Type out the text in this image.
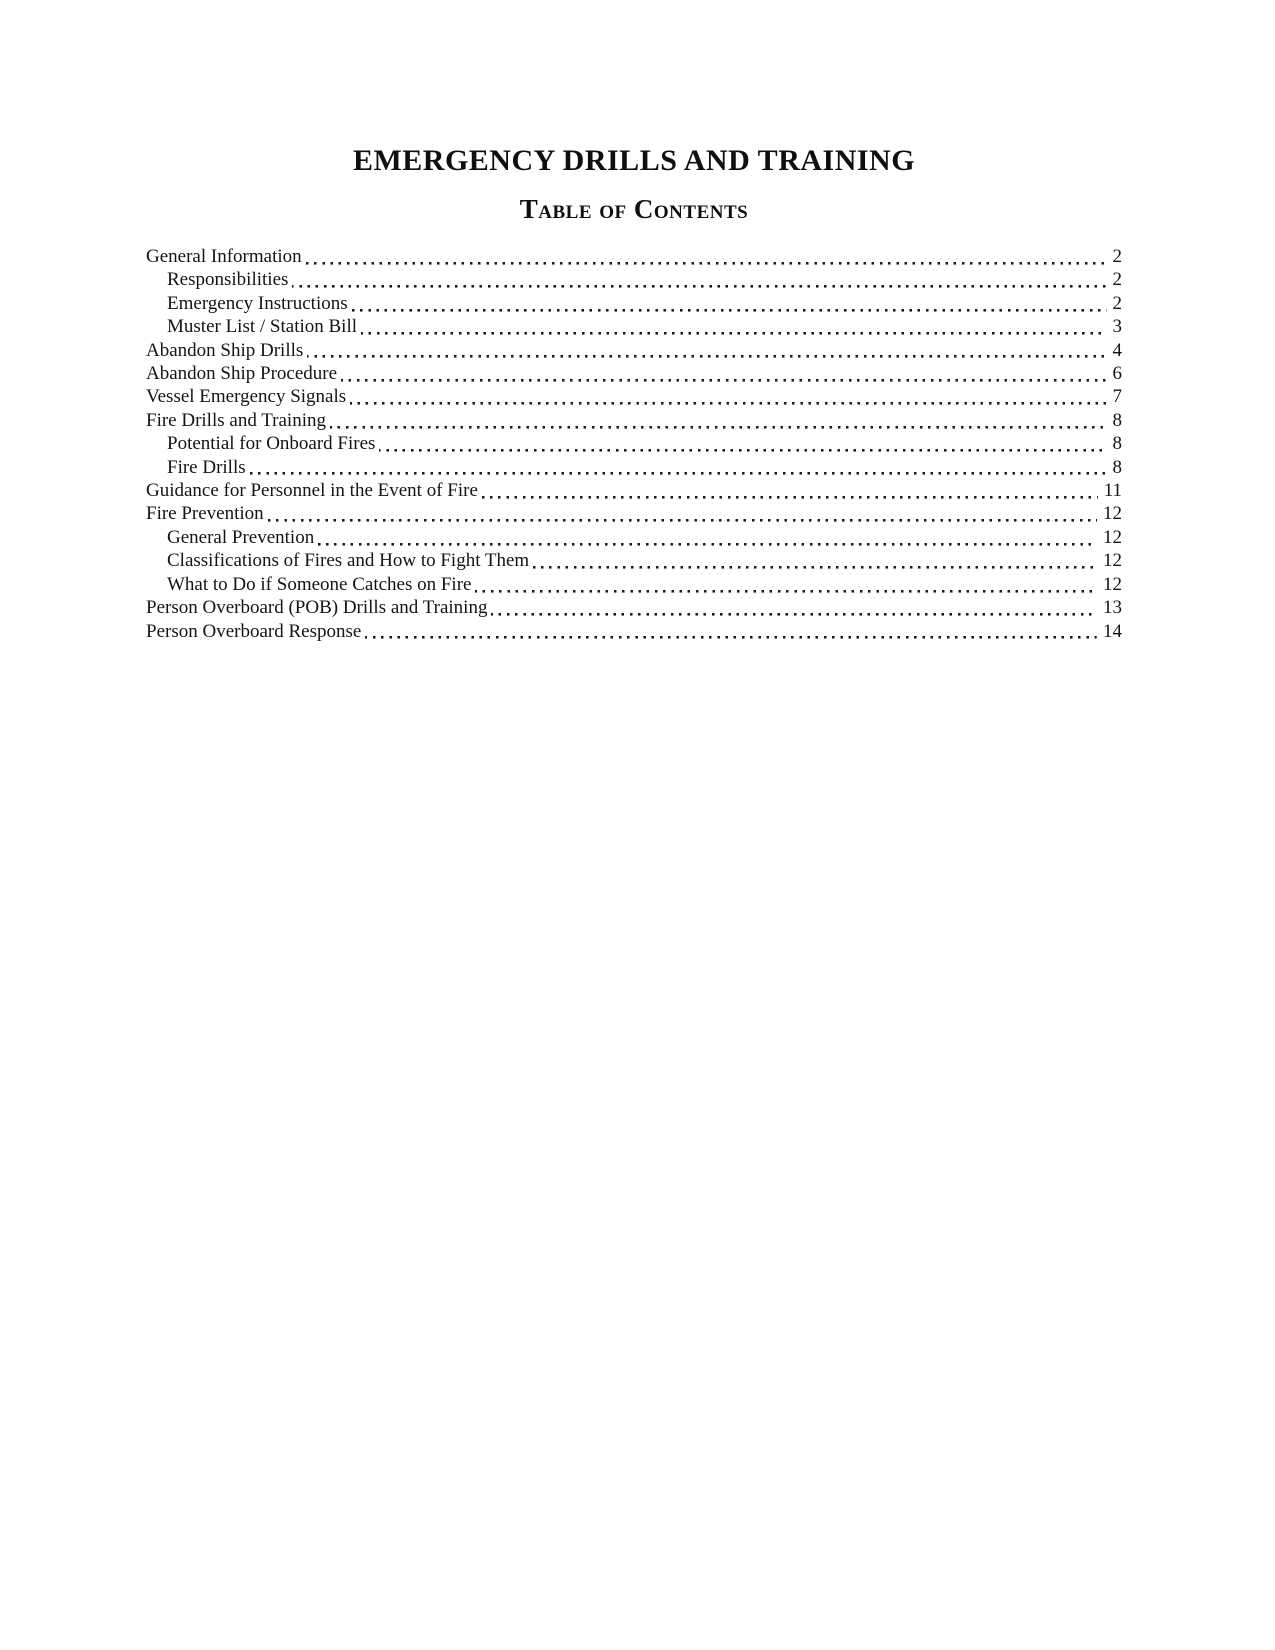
EMERGENCY DRILLS AND TRAINING
Table of Contents
General Information	2
Responsibilities	2
Emergency Instructions	2
Muster List / Station Bill	3
Abandon Ship Drills	4
Abandon Ship Procedure	6
Vessel Emergency Signals	7
Fire Drills and Training	8
Potential for Onboard Fires	8
Fire Drills	8
Guidance for Personnel in the Event of Fire	11
Fire Prevention	12
General Prevention	12
Classifications of Fires and How to Fight Them	12
What to Do if Someone Catches on Fire	12
Person Overboard (POB) Drills and Training	13
Person Overboard Response	14
